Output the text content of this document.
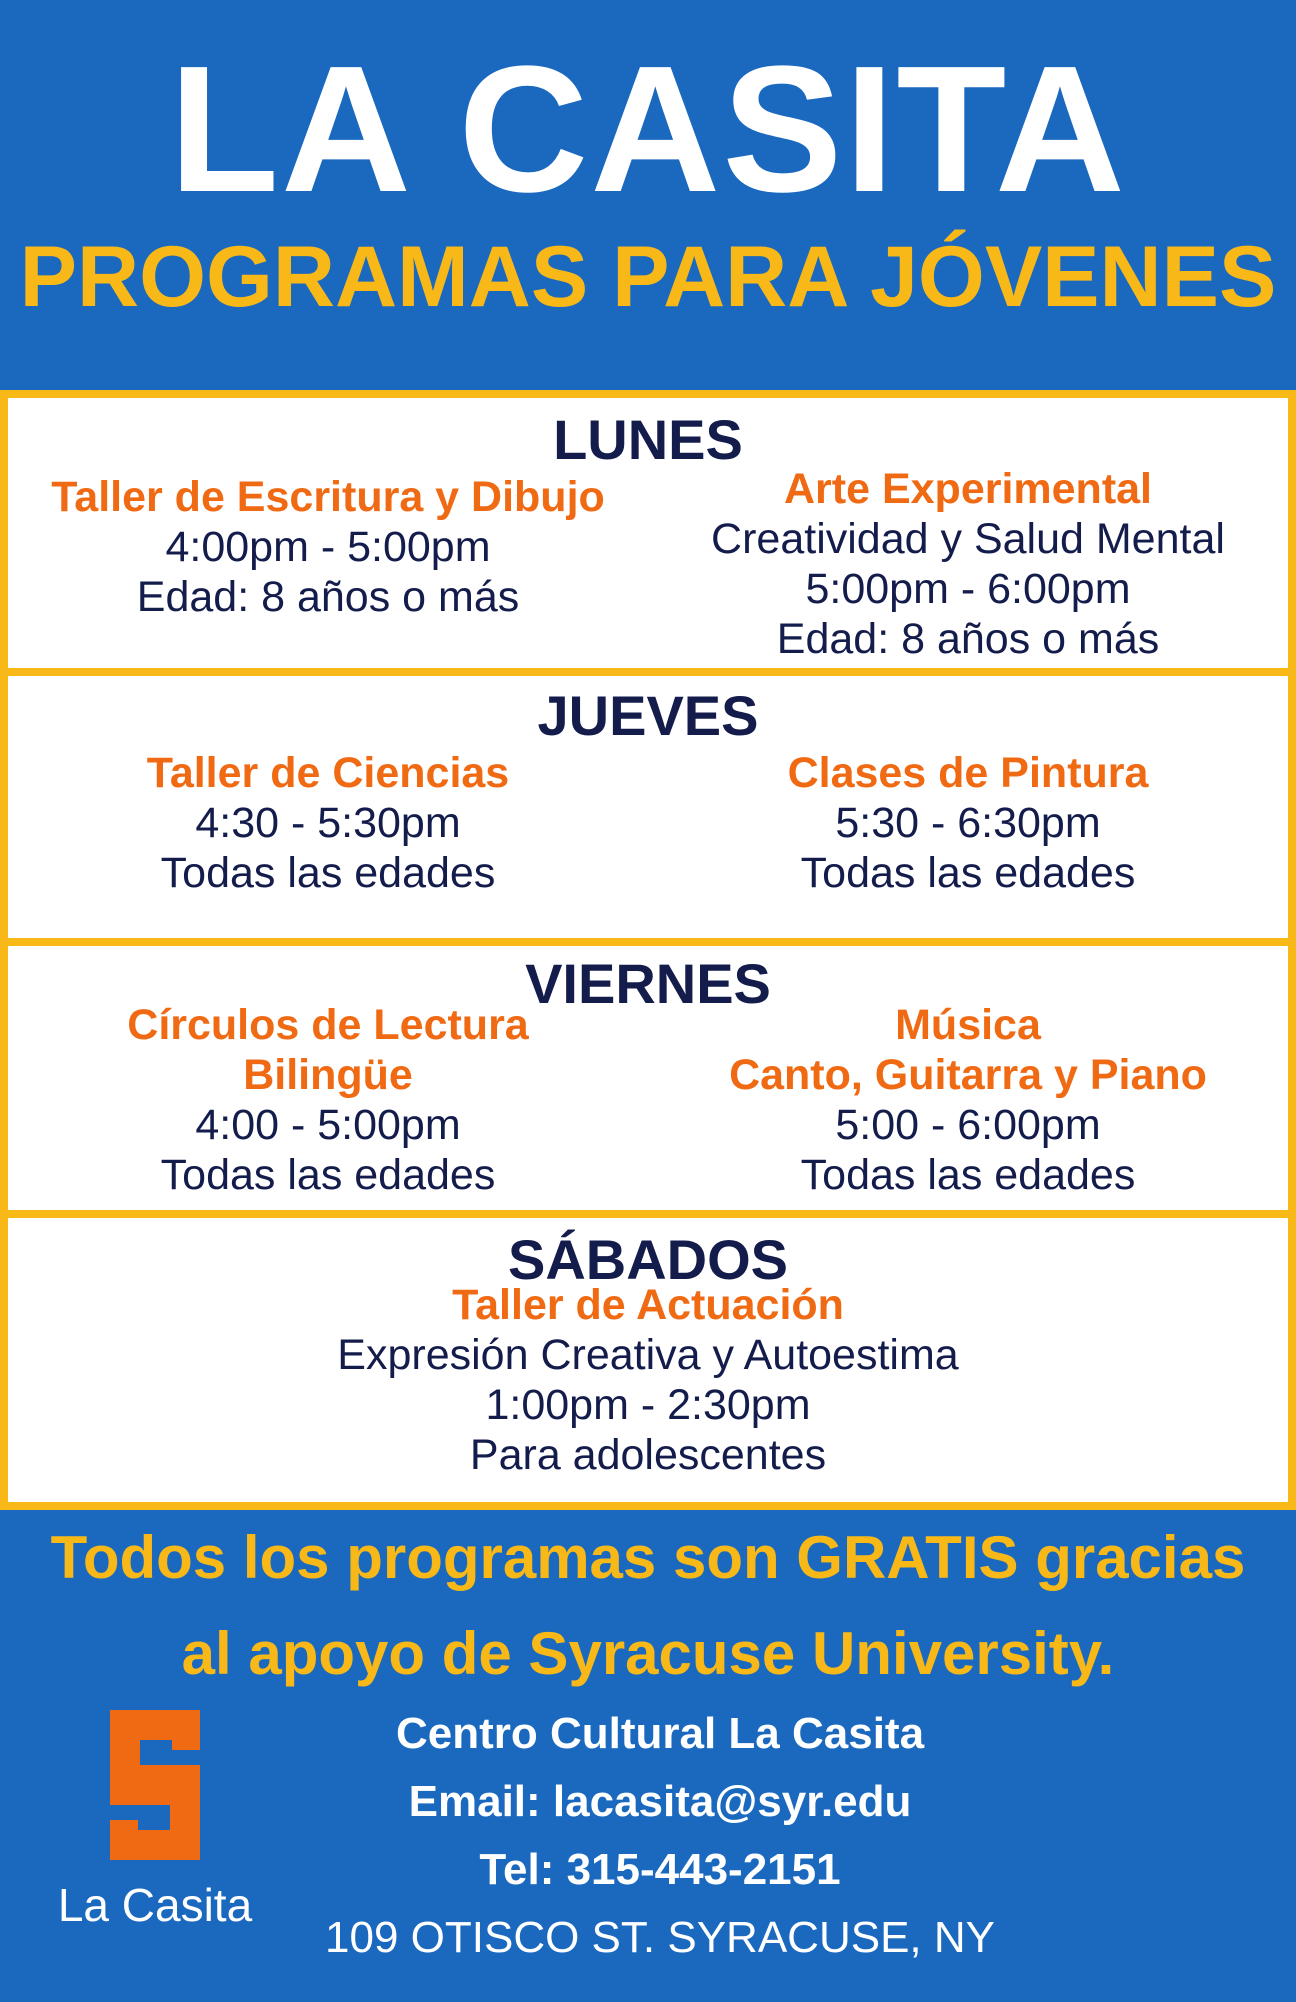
LA CASITA
PROGRAMAS PARA JÓVENES
LUNES
Taller de Escritura y Dibujo
4:00pm - 5:00pm
Edad: 8 años o más
Arte Experimental
Creatividad y Salud Mental
5:00pm - 6:00pm
Edad: 8 años o más
JUEVES
Taller de Ciencias
4:30 - 5:30pm
Todas las edades
Clases de Pintura
5:30 - 6:30pm
Todas las edades
VIERNES
Círculos de Lectura
Bilingüe
4:00 - 5:00pm
Todas las edades
Música
Canto, Guitarra y Piano
5:00 - 6:00pm
Todas las edades
SÁBADOS
Taller de Actuación
Expresión Creativa y Autoestima
1:00pm - 2:30pm
Para adolescentes
Todos los programas son GRATIS gracias
al apoyo de Syracuse University.
La Casita
Centro Cultural La Casita
Email: lacasita@syr.edu
Tel: 315-443-2151
109 OTISCO ST. SYRACUSE, NY
